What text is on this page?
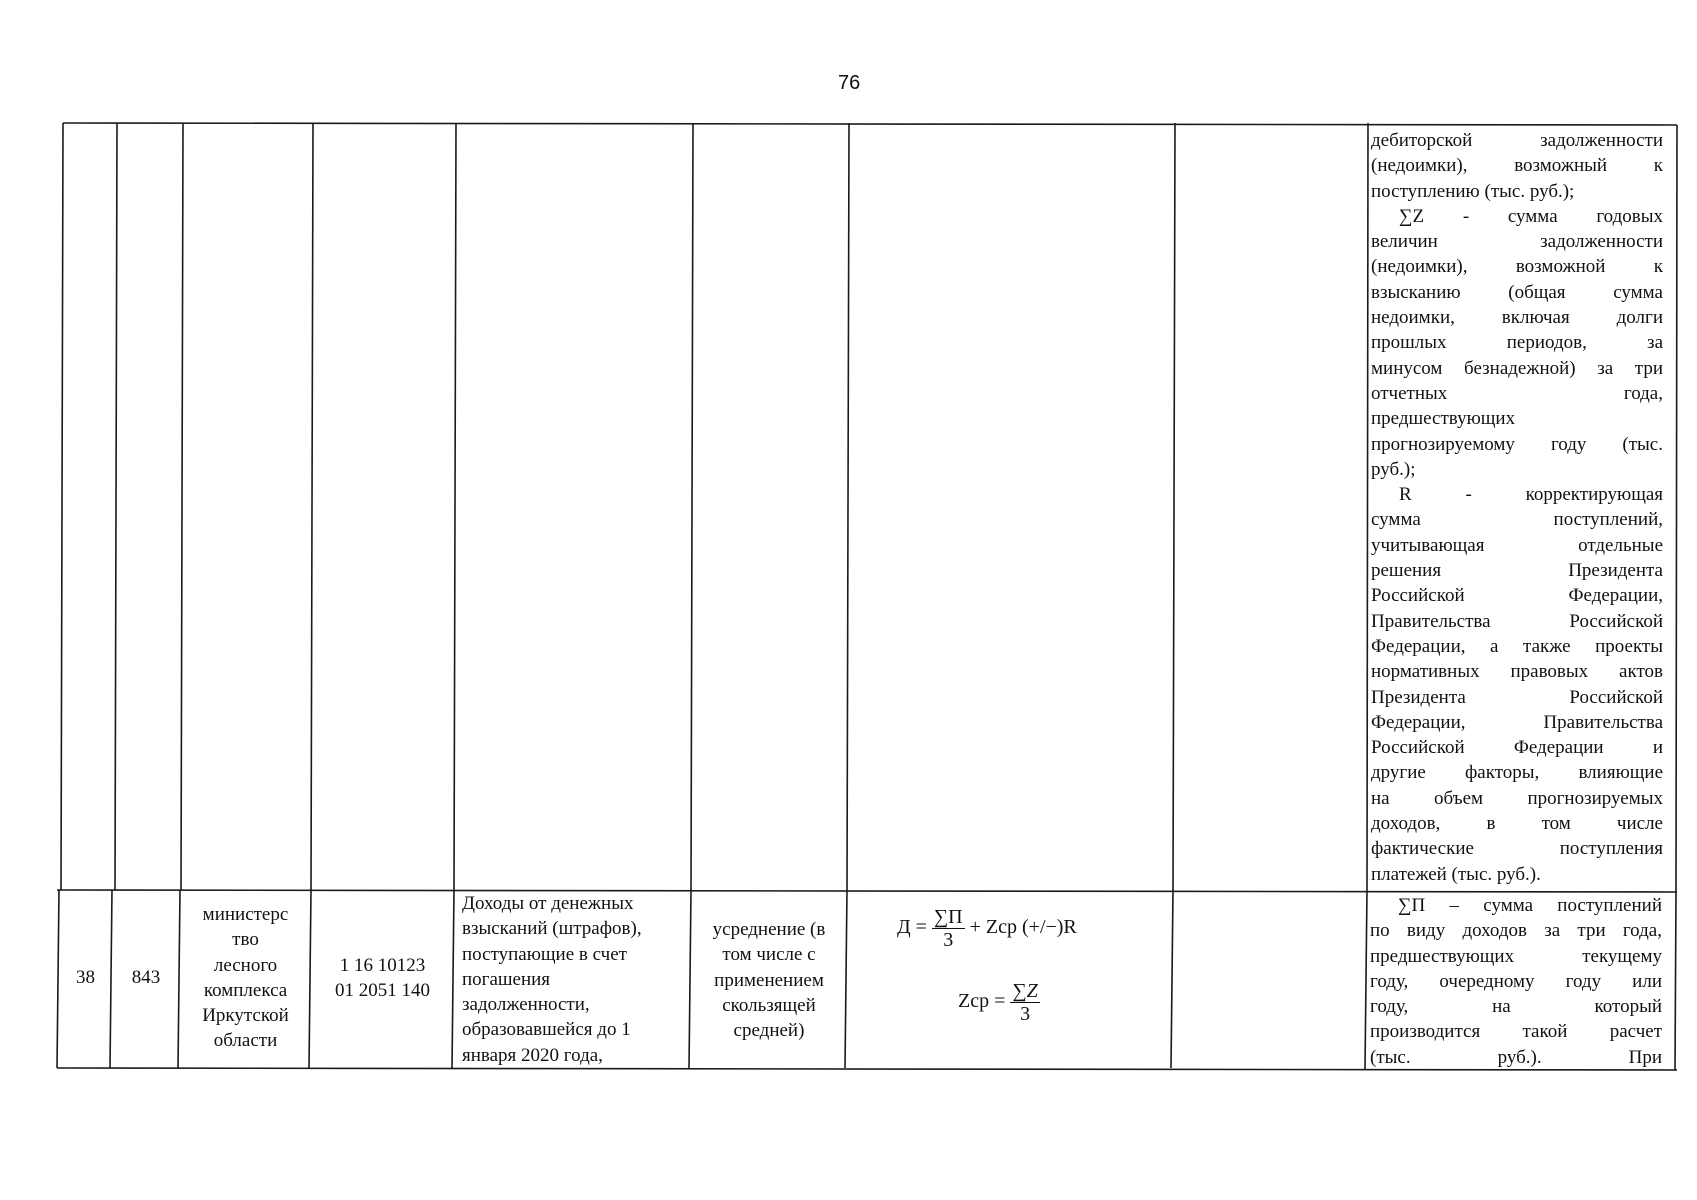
76
дебиторской задолженности
(недоимки), возможный к
поступлению (тыс. руб.);
∑Z - сумма годовых
величин задолженности
(недоимки), возможной к
взысканию (общая сумма
недоимки, включая долги
прошлых периодов, за
минусом безнадежной) за три
отчетных года,
предшествующих
прогнозируемому году (тыс.
руб.);
R - корректирующая
сумма поступлений,
учитывающая отдельные
решения Президента
Российской Федерации,
Правительства Российской
Федерации, а также проекты
нормативных правовых актов
Президента Российской
Федерации, Правительства
Российской Федерации и
другие факторы, влияющие
на объем прогнозируемых
доходов, в том числе
фактические поступления
платежей (тыс. руб.).
38	843
министерс
тво
лесного
комплекса
Иркутской
области
1 16 10123
01 2051 140
Доходы от денежных
взысканий (штрафов),
поступающие в счет
погашения
задолженности,
образовавшейся до 1
января 2020 года,
усреднение (в
том числе с
применением
скользящей
средней)
$Д = \frac{\sum П}{3}$ + Zср (+/−)R
Zср = $\frac{\sum Z}{3}$
∑П – сумма поступлений
по виду доходов за три года,
предшествующих текущему
году, очередному году или
году, на который
производится такой расчет
(тыс. руб.). При
